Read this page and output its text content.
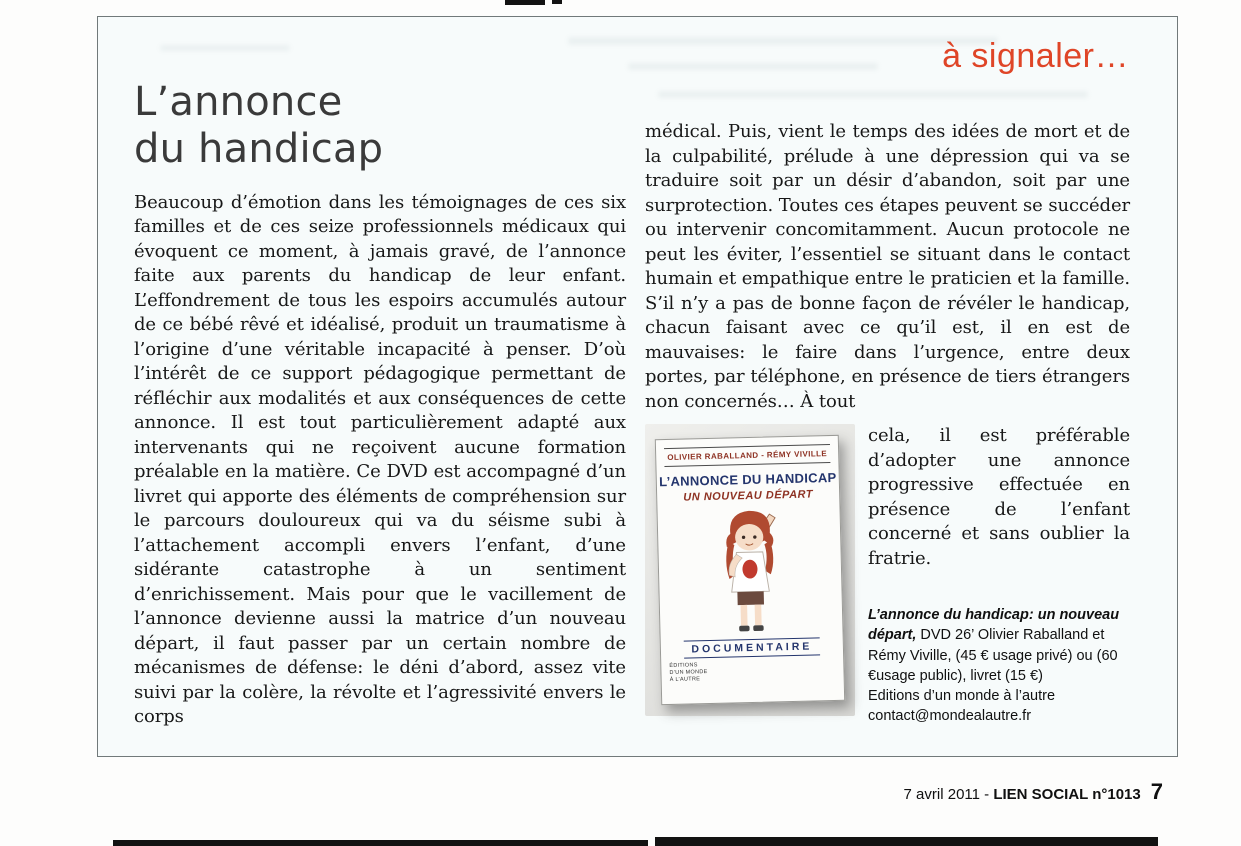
à signaler…
L’annonce
du handicap

Beaucoup d’émotion dans les témoignages de ces six familles et de ces seize professionnels médicaux qui évoquent ce moment, à jamais gravé, de l’annonce faite aux parents du handicap de leur enfant. L’effondrement de tous les espoirs accumulés autour de ce bébé rêvé et idéalisé, produit un traumatisme à l’origine d’une véritable incapacité à penser. D’où l’intérêt de ce support pédagogique permettant de réfléchir aux modalités et aux conséquences de cette annonce. Il est tout particulièrement adapté aux intervenants qui ne reçoivent aucune formation préalable en la matière. Ce DVD est accompagné d’un livret qui apporte des éléments de compréhension sur le parcours douloureux qui va du séisme subi à l’attachement accompli envers l’enfant, d’une sidérante catastrophe à un sentiment d’enrichissement. Mais pour que le vacillement de l’annonce devienne aussi la matrice d’un nouveau départ, il faut passer par un certain nombre de mécanismes de défense: le déni d’abord, assez vite suivi par la colère, la révolte et l’agressivité envers le corps

médical. Puis, vient le temps des idées de mort et de la culpabilité, prélude à une dépression qui va se traduire soit par un désir d’abandon, soit par une surprotection. Toutes ces étapes peuvent se succéder ou intervenir concomitamment. Aucun protocole ne peut les éviter, l’essentiel se situant dans le contact humain et empathique entre le praticien et la famille. S’il n’y a pas de bonne façon de révéler le handicap, chacun faisant avec ce qu’il est, il en est de mauvaises: le faire dans l’urgence, entre deux portes, par téléphone, en présence de tiers étrangers non concernés… À tout

OLIVIER RABALLAND - RÉMY VIVILLE
L’ANNONCE DU HANDICAP
UN NOUVEAU DÉPART
DOCUMENTAIRE
ÉDITIONS
D’UN MONDE
À L’AUTRE

cela, il est préférable d’adopter une annonce progressive effectuée en présence de l’enfant concerné et sans oublier la fratrie.

L’annonce du handicap: un nouveau départ, DVD 26’ Olivier Raballand et Rémy Viville, (45 € usage privé) ou (60 €usage public), livret (15 €)
Editions d’un monde à l’autre
contact@mondealautre.fr

7 avril 2011 - LIEN SOCIAL n°1013 7
